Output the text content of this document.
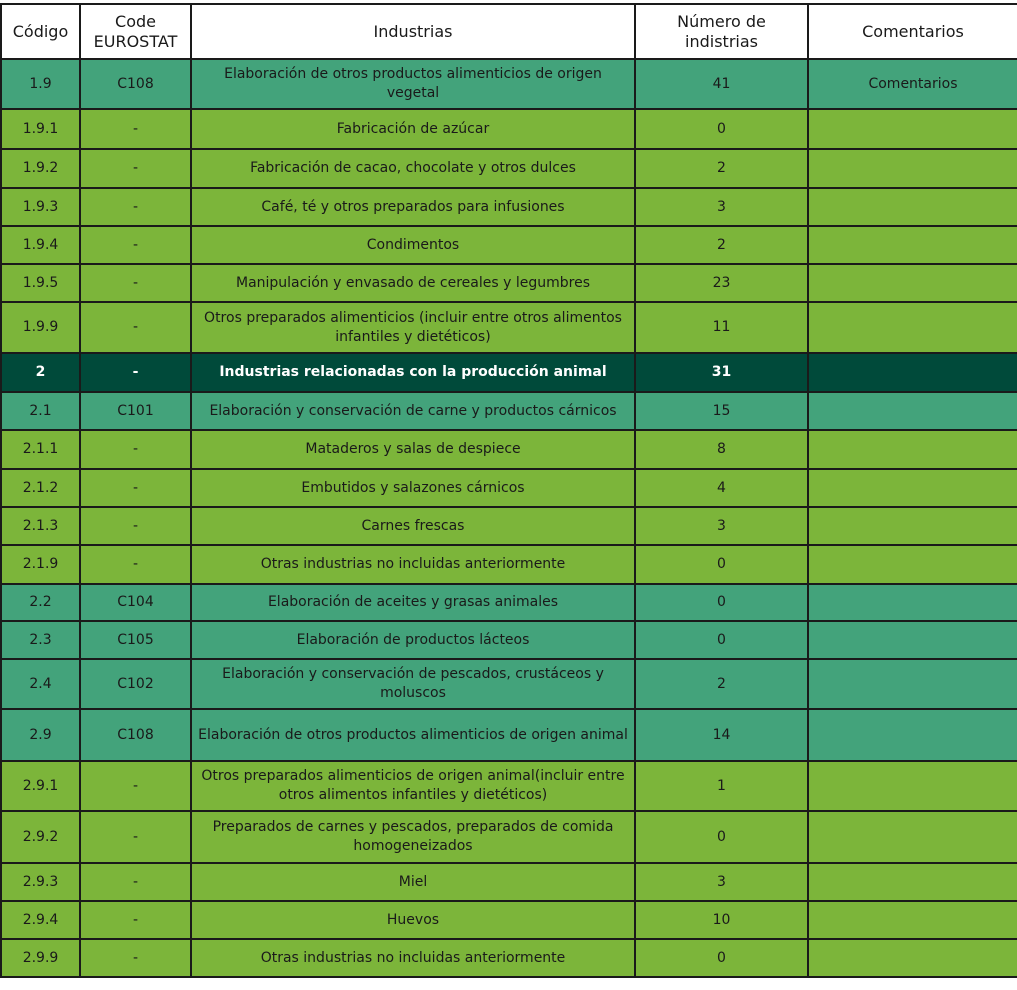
Código	Code EUROSTAT	Industrias	Número de indistrias	Comentarios
1.9	C108	Elaboración de otros productos alimenticios de origen vegetal	41	Comentarios
1.9.1	-	Fabricación de azúcar	0	
1.9.2	-	Fabricación de cacao, chocolate y otros dulces	2	
1.9.3	-	Café, té y otros preparados para infusiones	3	
1.9.4	-	Condimentos	2	
1.9.5	-	Manipulación y envasado de cereales y legumbres	23	
1.9.9	-	Otros preparados alimenticios (incluir entre otros alimentos infantiles y dietéticos)	11	
2	-	Industrias relacionadas con la producción animal	31	
2.1	C101	Elaboración y conservación de carne y productos cárnicos	15	
2.1.1	-	Mataderos y salas de despiece	8	
2.1.2	-	Embutidos y salazones cárnicos	4	
2.1.3	-	Carnes frescas	3	
2.1.9	-	Otras industrias no incluidas anteriormente	0	
2.2	C104	Elaboración de aceites y grasas animales	0	
2.3	C105	Elaboración de productos lácteos	0	
2.4	C102	Elaboración y conservación de pescados, crustáceos y moluscos	2	
2.9	C108	Elaboración de otros productos alimenticios de origen animal	14	
2.9.1	-	Otros preparados alimenticios de origen animal(incluir entre otros alimentos infantiles y dietéticos)	1	
2.9.2	-	Preparados de carnes y pescados, preparados de comida homogeneizados	0	
2.9.3	-	Miel	3	
2.9.4	-	Huevos	10	
2.9.9	-	Otras industrias no incluidas anteriormente	0	
